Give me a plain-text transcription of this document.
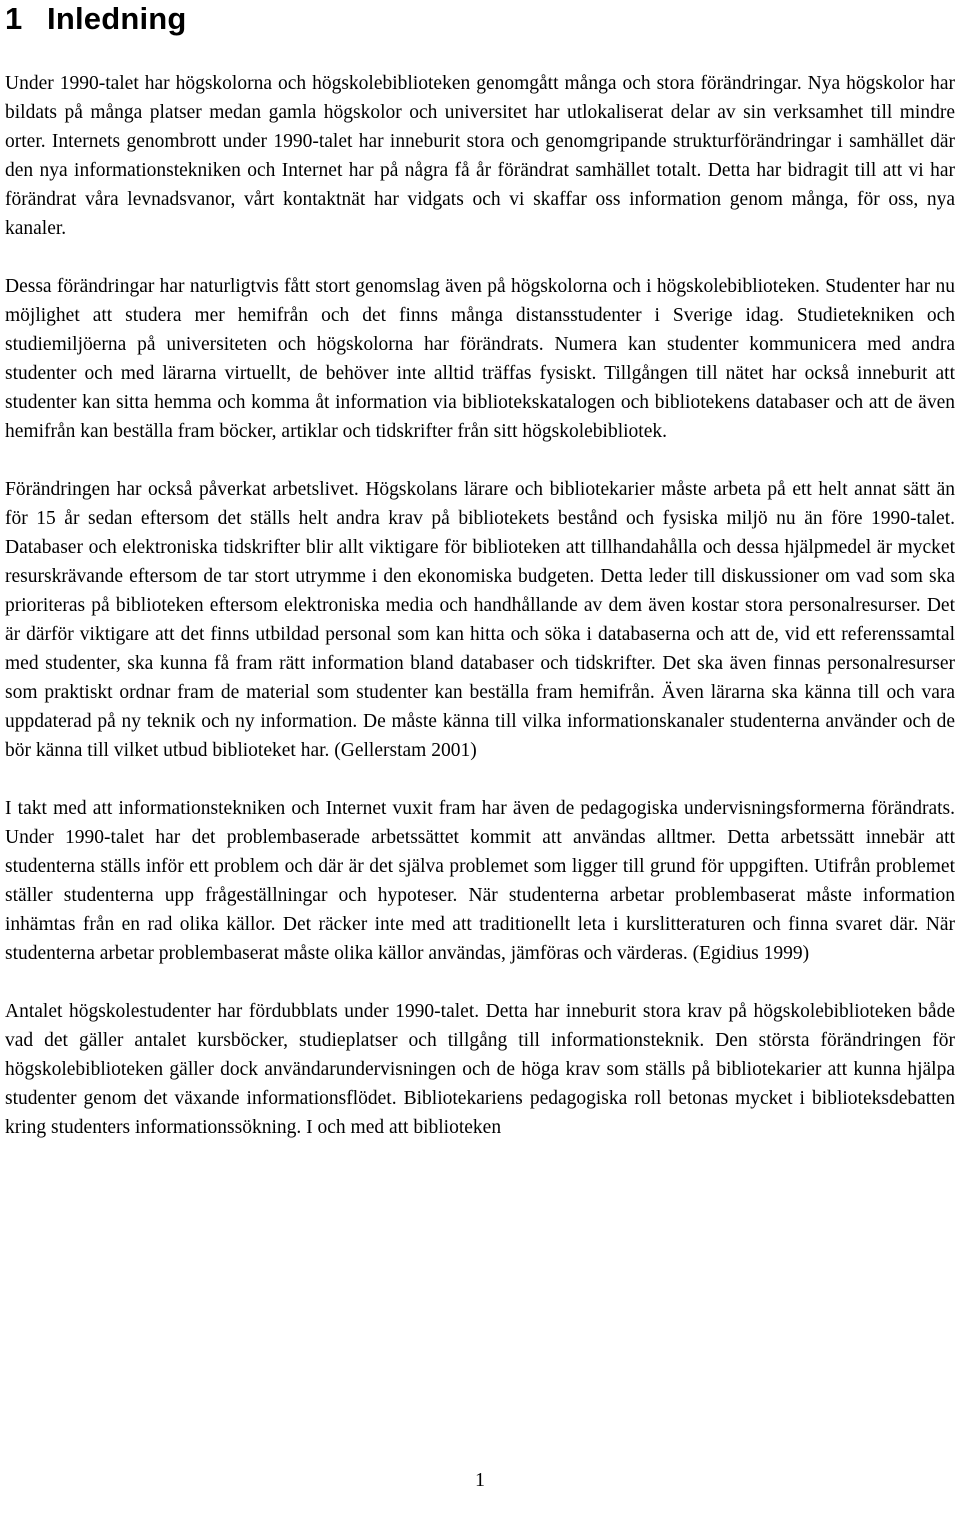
1 Inledning

Under 1990-talet har högskolorna och högskolebiblioteken genomgått många och stora förändringar. Nya högskolor har bildats på många platser medan gamla högskolor och universitet har utlokaliserat delar av sin verksamhet till mindre orter. Internets genombrott under 1990-talet har inneburit stora och genomgripande strukturförändringar i samhället där den nya informationstekniken och Internet har på några få år förändrat samhället totalt. Detta har bidragit till att vi har förändrat våra levnadsvanor, vårt kontaktnät har vidgats och vi skaffar oss information genom många, för oss, nya kanaler.

Dessa förändringar har naturligtvis fått stort genomslag även på högskolorna och i högskolebiblioteken. Studenter har nu möjlighet att studera mer hemifrån och det finns många distansstudenter i Sverige idag. Studietekniken och studiemiljöerna på universiteten och högskolorna har förändrats. Numera kan studenter kommunicera med andra studenter och med lärarna virtuellt, de behöver inte alltid träffas fysiskt. Tillgången till nätet har också inneburit att studenter kan sitta hemma och komma åt information via bibliotekskatalogen och bibliotekens databaser och att de även hemifrån kan beställa fram böcker, artiklar och tidskrifter från sitt högskolebibliotek.

Förändringen har också påverkat arbetslivet. Högskolans lärare och bibliotekarier måste arbeta på ett helt annat sätt än för 15 år sedan eftersom det ställs helt andra krav på bibliotekets bestånd och fysiska miljö nu än före 1990-talet. Databaser och elektroniska tidskrifter blir allt viktigare för biblioteken att tillhandahålla och dessa hjälpmedel är mycket resurskrävande eftersom de tar stort utrymme i den ekonomiska budgeten. Detta leder till diskussioner om vad som ska prioriteras på biblioteken eftersom elektroniska media och handhållande av dem även kostar stora personalresurser. Det är därför viktigare att det finns utbildad personal som kan hitta och söka i databaserna och att de, vid ett referenssamtal med studenter, ska kunna få fram rätt information bland databaser och tidskrifter. Det ska även finnas personalresurser som praktiskt ordnar fram de material som studenter kan beställa fram hemifrån. Även lärarna ska känna till och vara uppdaterad på ny teknik och ny information. De måste känna till vilka informationskanaler studenterna använder och de bör känna till vilket utbud biblioteket har. (Gellerstam 2001)

I takt med att informationstekniken och Internet vuxit fram har även de pedagogiska undervisningsformerna förändrats. Under 1990-talet har det problembaserade arbetssättet kommit att användas alltmer. Detta arbetssätt innebär att studenterna ställs inför ett problem och där är det själva problemet som ligger till grund för uppgiften. Utifrån problemet ställer studenterna upp frågeställningar och hypoteser. När studenterna arbetar problembaserat måste information inhämtas från en rad olika källor. Det räcker inte med att traditionellt leta i kurslitteraturen och finna svaret där. När studenterna arbetar problembaserat måste olika källor användas, jämföras och värderas. (Egidius 1999)

Antalet högskolestudenter har fördubblats under 1990-talet. Detta har inneburit stora krav på högskolebiblioteken både vad det gäller antalet kursböcker, studieplatser och tillgång till informationsteknik. Den största förändringen för högskolebiblioteken gäller dock användarundervisningen och de höga krav som ställs på bibliotekarier att kunna hjälpa studenter genom det växande informationsflödet. Bibliotekariens pedagogiska roll betonas mycket i biblioteksdebatten kring studenters informationssökning. I och med att biblioteken

1
